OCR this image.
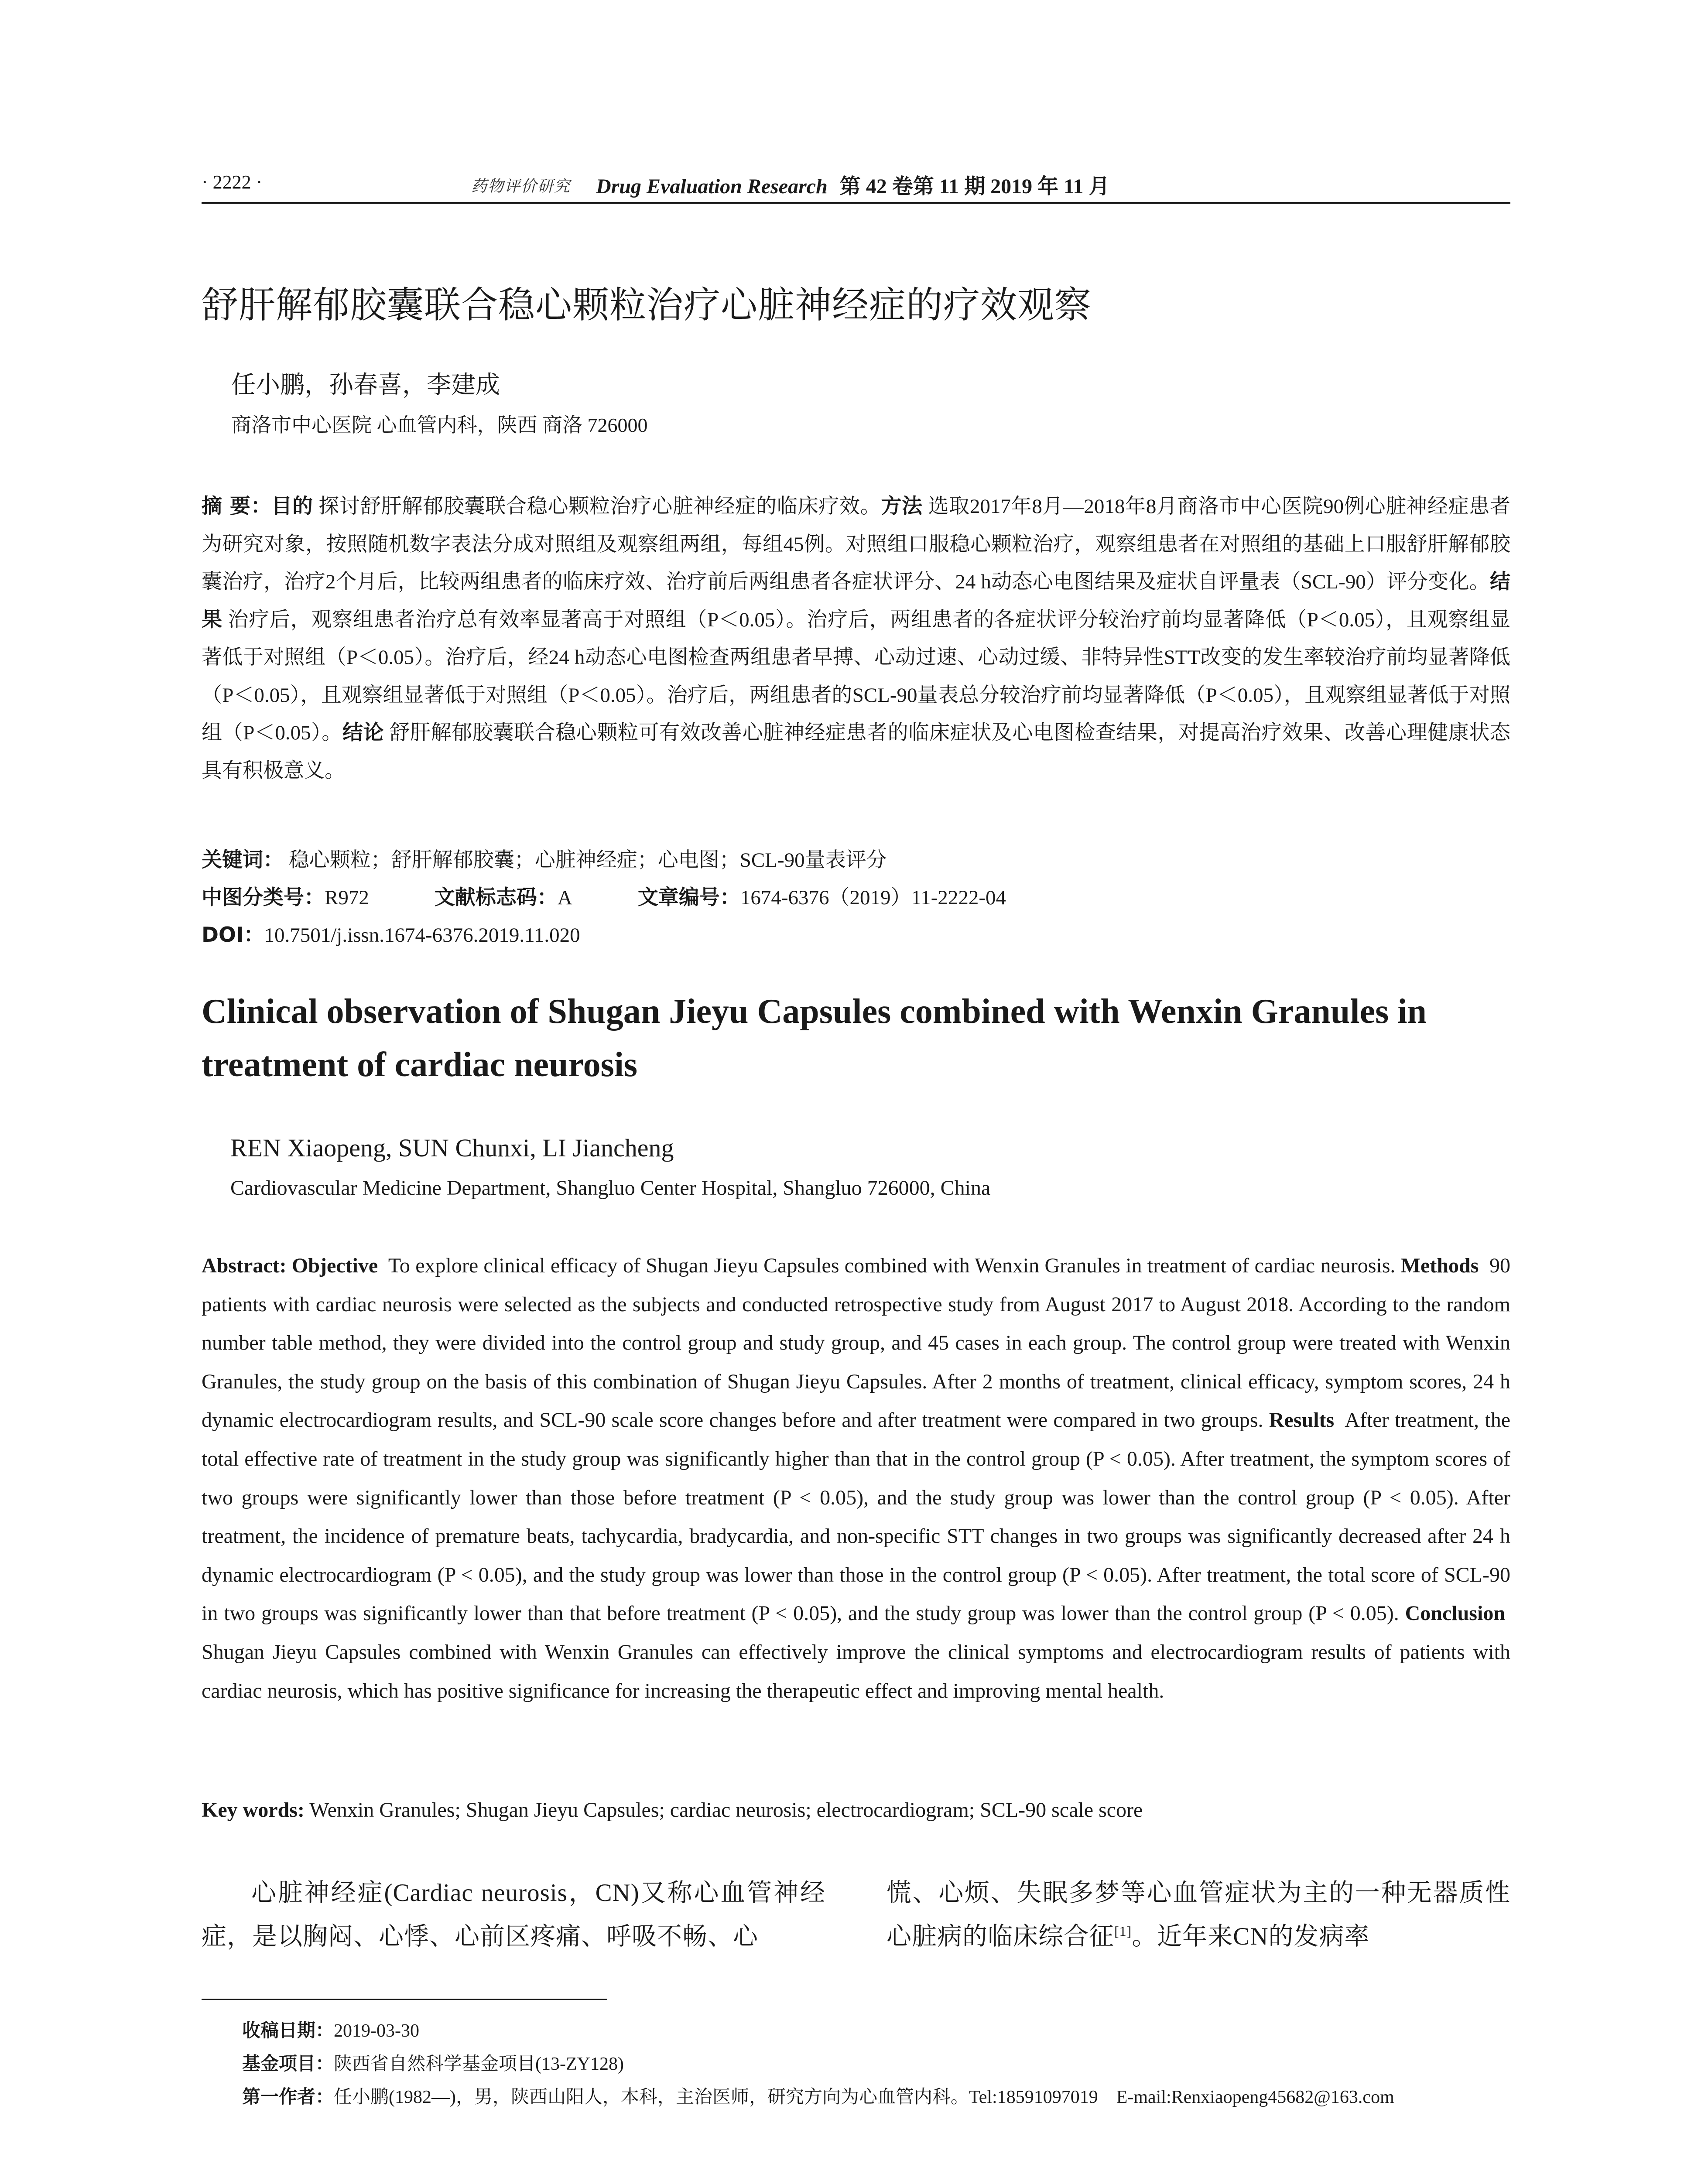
· 2222 ·	药物评价研究 Drug Evaluation Research 第 42 卷第 11 期 2019 年 11 月
舒肝解郁胶囊联合稳心颗粒治疗心脏神经症的疗效观察
任小鹏，孙春喜，李建成
商洛市中心医院 心血管内科，陕西 商洛 726000
摘 要：目的 探讨舒肝解郁胶囊联合稳心颗粒治疗心脏神经症的临床疗效。方法 选取2017年8月—2018年8月商洛市中心医院90例心脏神经症患者为研究对象，按照随机数字表法分成对照组及观察组两组，每组45例。对照组口服稳心颗粒治疗，观察组患者在对照组的基础上口服舒肝解郁胶囊治疗，治疗2个月后，比较两组患者的临床疗效、治疗前后两组患者各症状评分、24 h动态心电图结果及症状自评量表（SCL-90）评分变化。结果 治疗后，观察组患者治疗总有效率显著高于对照组（P＜0.05）。治疗后，两组患者的各症状评分较治疗前均显著降低（P＜0.05），且观察组显著低于对照组（P＜0.05）。治疗后，经24 h动态心电图检查两组患者早搏、心动过速、心动过缓、非特异性STT改变的发生率较治疗前均显著降低（P＜0.05），且观察组显著低于对照组（P＜0.05）。治疗后，两组患者的SCL-90量表总分较治疗前均显著降低（P＜0.05），且观察组显著低于对照组（P＜0.05）。结论 舒肝解郁胶囊联合稳心颗粒可有效改善心脏神经症患者的临床症状及心电图检查结果，对提高治疗效果、改善心理健康状态具有积极意义。
关键词： 稳心颗粒；舒肝解郁胶囊；心脏神经症；心电图；SCL-90量表评分
中图分类号：R972	文献标志码：A	文章编号：1674-6376（2019）11-2222-04
DOI：10.7501/j.issn.1674-6376.2019.11.020
Clinical observation of Shugan Jieyu Capsules combined with Wenxin Granules in treatment of cardiac neurosis
REN Xiaopeng, SUN Chunxi, LI Jiancheng
Cardiovascular Medicine Department, Shangluo Center Hospital, Shangluo 726000, China
Abstract: Objective To explore clinical efficacy of Shugan Jieyu Capsules combined with Wenxin Granules in treatment of cardiac neurosis. Methods 90 patients with cardiac neurosis were selected as the subjects and conducted retrospective study from August 2017 to August 2018. According to the random number table method, they were divided into the control group and study group, and 45 cases in each group. The control group were treated with Wenxin Granules, the study group on the basis of this combination of Shugan Jieyu Capsules. After 2 months of treatment, clinical efficacy, symptom scores, 24 h dynamic electrocardiogram results, and SCL-90 scale score changes before and after treatment were compared in two groups. Results After treatment, the total effective rate of treatment in the study group was significantly higher than that in the control group (P < 0.05). After treatment, the symptom scores of two groups were significantly lower than those before treatment (P < 0.05), and the study group was lower than the control group (P < 0.05). After treatment, the incidence of premature beats, tachycardia, bradycardia, and non-specific STT changes in two groups was significantly decreased after 24 h dynamic electrocardiogram (P < 0.05), and the study group was lower than those in the control group (P < 0.05). After treatment, the total score of SCL-90 in two groups was significantly lower than that before treatment (P < 0.05), and the study group was lower than the control group (P < 0.05). Conclusion  Shugan Jieyu Capsules combined with Wenxin Granules can effectively improve the clinical symptoms and electrocardiogram results of patients with cardiac neurosis, which has positive significance for increasing the therapeutic effect and improving mental health.
Key words: Wenxin Granules; Shugan Jieyu Capsules; cardiac neurosis; electrocardiogram; SCL-90 scale score
心脏神经症(Cardiac neurosis，CN)又称心血管神经症，是以胸闷、心悸、心前区疼痛、呼吸不畅、心
慌、心烦、失眠多梦等心血管症状为主的一种无器质性心脏病的临床综合征[1]。近年来CN的发病率
收稿日期：2019-03-30
基金项目：陕西省自然科学基金项目(13-ZY128)
第一作者：任小鹏(1982—)，男，陕西山阳人，本科，主治医师，研究方向为心血管内科。Tel:18591097019　E-mail:Renxiaopeng45682@163.com
